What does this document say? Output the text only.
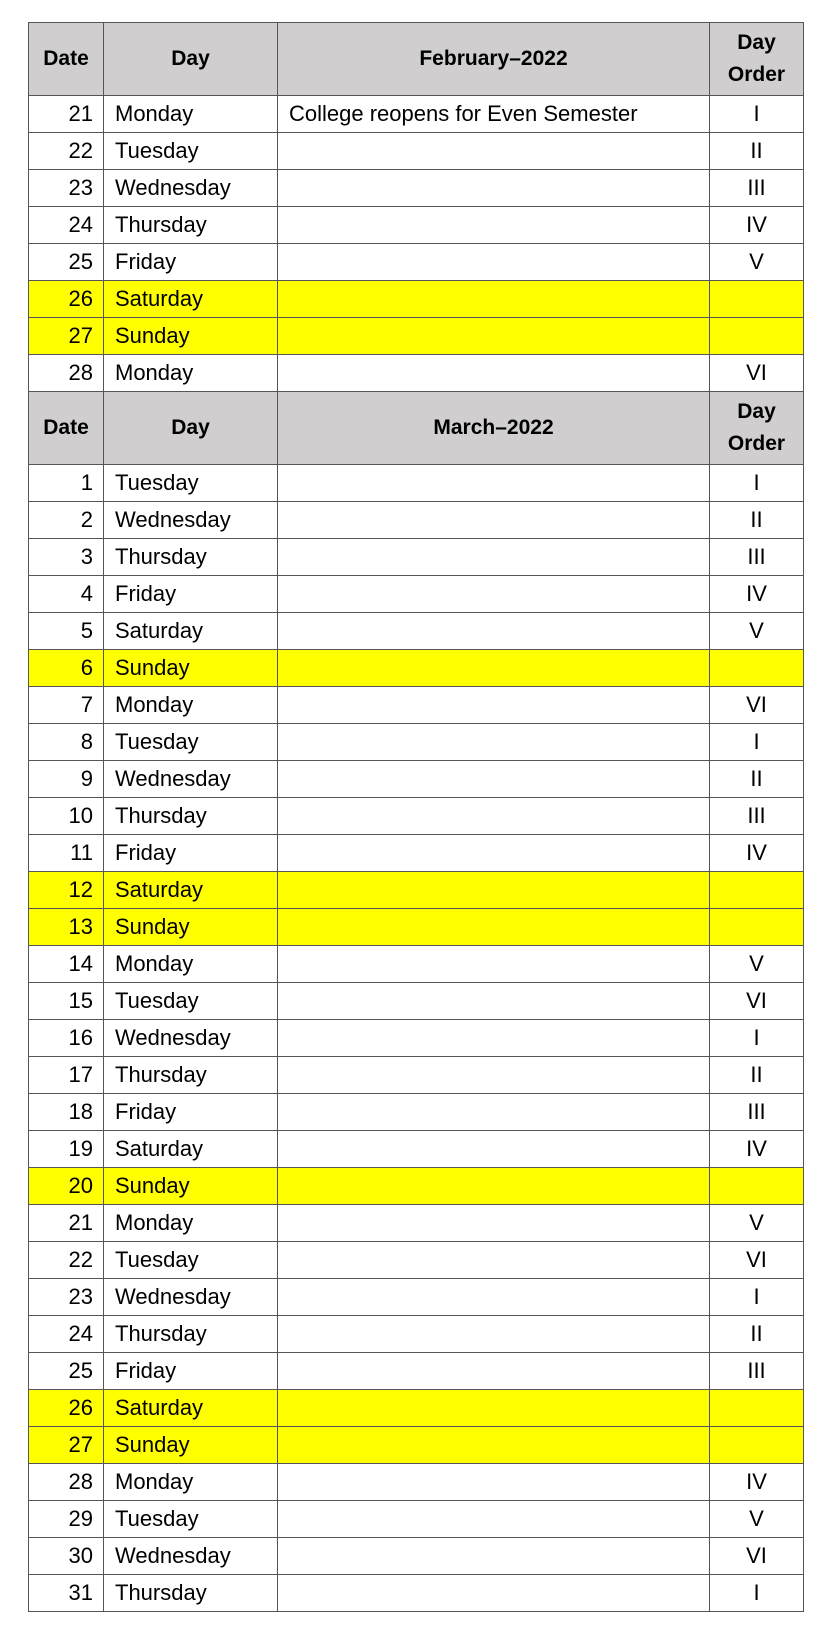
Date	Day	February–2022	Day
Order

21	Monday	College reopens for Even Semester	I
22	Tuesday		II
23	Wednesday		III
24	Thursday		IV
25	Friday		V
26	Saturday		
27	Sunday		
28	Monday		VI
Date	Day	March–2022	Day
Order

1	Tuesday		I
2	Wednesday		II
3	Thursday		III
4	Friday		IV
5	Saturday		V
6	Sunday		
7	Monday		VI
8	Tuesday		I
9	Wednesday		II
10	Thursday		III
11	Friday		IV
12	Saturday		
13	Sunday		
14	Monday		V
15	Tuesday		VI
16	Wednesday		I
17	Thursday		II
18	Friday		III
19	Saturday		IV
20	Sunday		
21	Monday		V
22	Tuesday		VI
23	Wednesday		I
24	Thursday		II
25	Friday		III
26	Saturday		
27	Sunday		
28	Monday		IV
29	Tuesday		V
30	Wednesday		VI
31	Thursday		I
